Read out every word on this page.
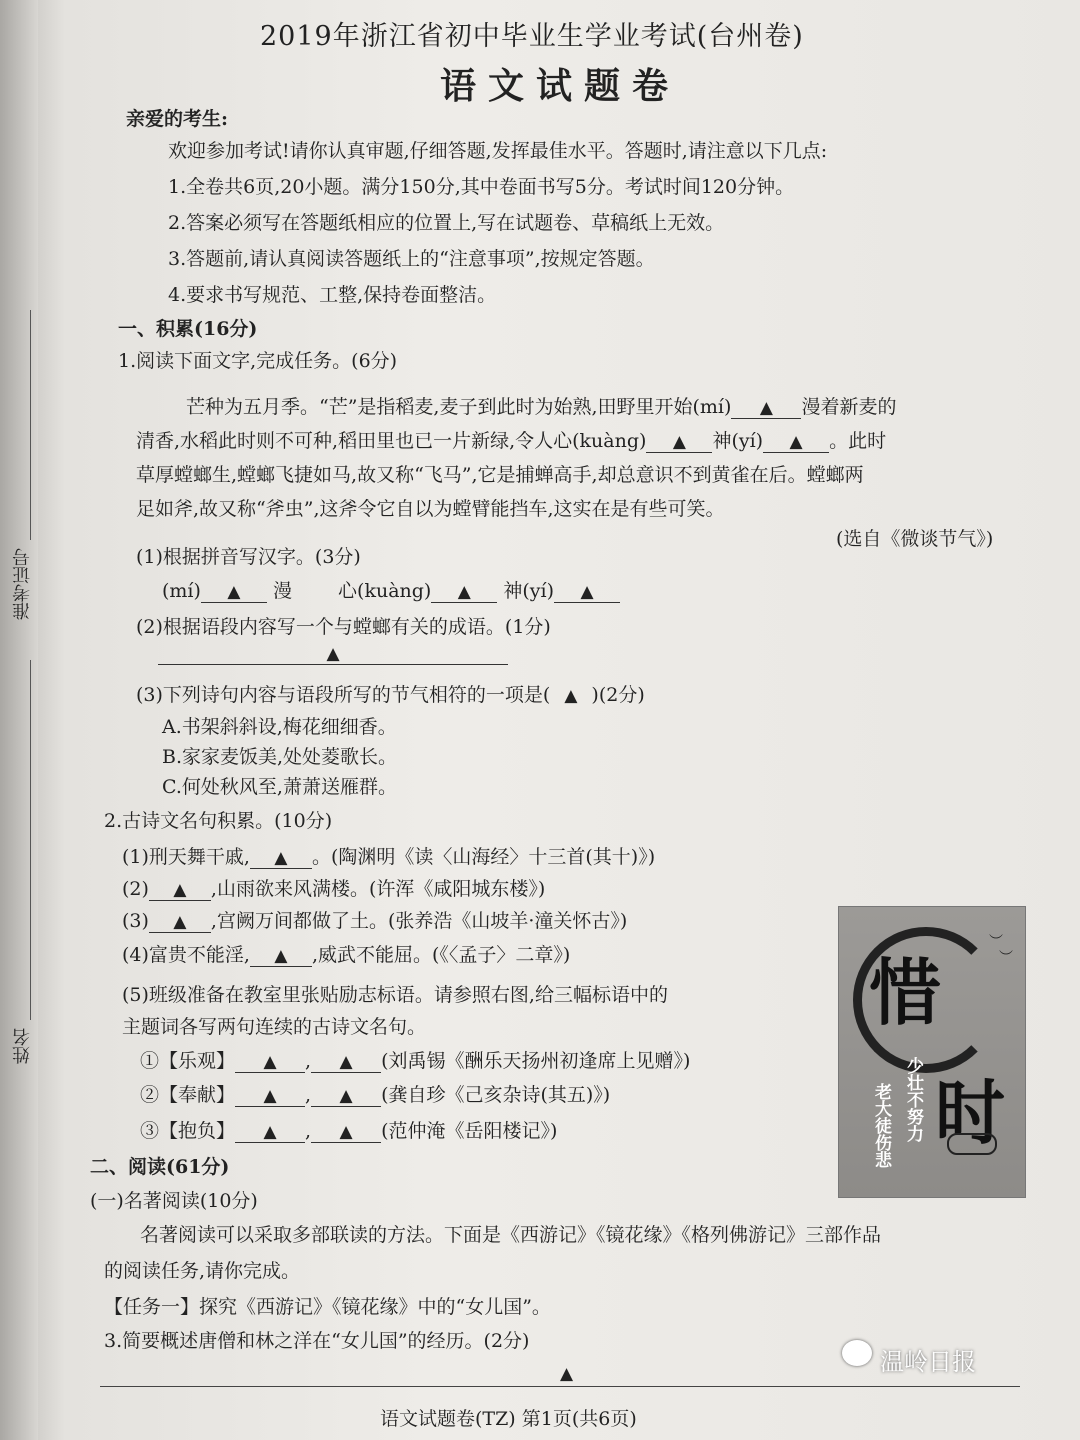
2019年浙江省初中毕业生学业考试(台州卷)
语文试题卷
亲爱的考生:
欢迎参加考试!请你认真审题,仔细答题,发挥最佳水平。答题时,请注意以下几点:
1.全卷共6页,20小题。满分150分,其中卷面书写5分。考试时间120分钟。
2.答案必须写在答题纸相应的位置上,写在试题卷、草稿纸上无效。
3.答题前,请认真阅读答题纸上的“注意事项”,按规定答题。
4.要求书写规范、工整,保持卷面整洁。
准考证号
姓名
一、积累(16分)
1.阅读下面文字,完成任务。(6分)
芒种为五月季。“芒”是指稻麦,麦子到此时为始熟,田野里开始(mí) ▲ 漫着新麦的
清香,水稻此时则不可种,稻田里也已一片新绿,令人心(kuàng) ▲ 神(yí) ▲ 。此时
草厚螳螂生,螳螂飞捷如马,故又称“飞马”,它是捕蝉高手,却总意识不到黄雀在后。螳螂两
足如斧,故又称“斧虫”,这斧令它自以为螳臂能挡车,这实在是有些可笑。
(选自《微谈节气》)
(1)根据拼音写汉字。(3分)
(mí) ▲ 漫 心(kuàng) ▲ 神(yí) ▲
(2)根据语段内容写一个与螳螂有关的成语。(1分)
▲
(3)下列诗句内容与语段所写的节气相符的一项是( ▲ )(2分)
A.书架斜斜设,梅花细细香。
B.家家麦饭美,处处菱歌长。
C.何处秋风至,萧萧送雁群。
2.古诗文名句积累。(10分)
(1)刑天舞干戚, ▲ 。(陶渊明《读〈山海经〉十三首(其十)》)
(2) ▲ ,山雨欲来风满楼。(许浑《咸阳城东楼》)
(3) ▲ ,宫阙万间都做了土。(张养浩《山坡羊·潼关怀古》)
(4)富贵不能淫, ▲ ,威武不能屈。(《〈孟子〉二章》)
(5)班级准备在教室里张贴励志标语。请参照右图,给三幅标语中的
主题词各写两句连续的古诗文名句。
①【乐观】 ▲ , ▲ (刘禹锡《酬乐天扬州初逢席上见赠》)
②【奉献】 ▲ , ▲ (龚自珍《己亥杂诗(其五)》)
③【抱负】 ▲ , ▲ (范仲淹《岳阳楼记》)
惜
︶
︶
少壮不努力
老大徒伤悲 时
二、阅读(61分)
(一)名著阅读(10分)
名著阅读可以采取多部联读的方法。下面是《西游记》《镜花缘》《格列佛游记》三部作品
的阅读任务,请你完成。
【任务一】探究《西游记》《镜花缘》中的“女儿国”。
3.简要概述唐僧和林之洋在“女儿国”的经历。(2分)
▲
语文试题卷(TZ) 第1页(共6页)
温岭日报
